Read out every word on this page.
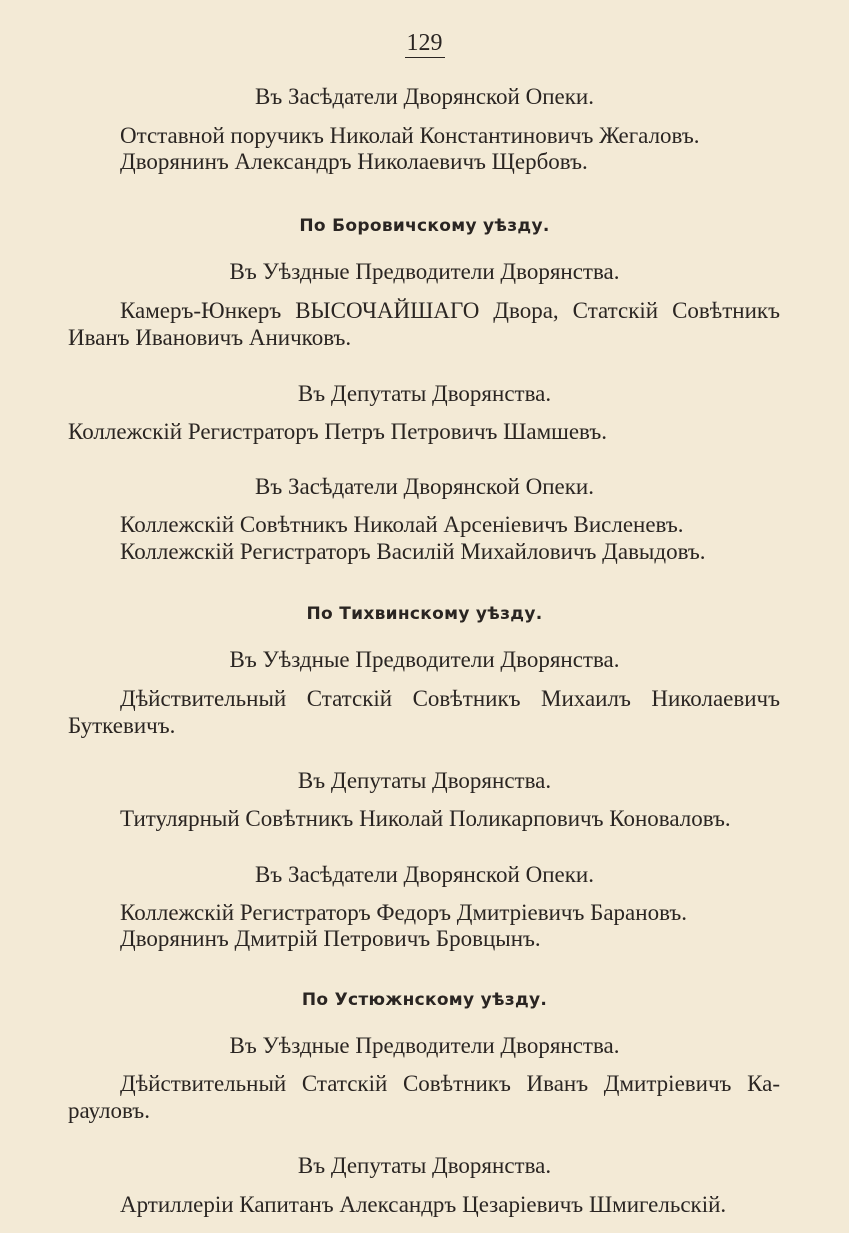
129

Въ Засѣдатели Дворянской Опеки.

Отставной поручикъ Николай Константиновичъ Жегаловъ.

Дворянинъ Александръ Николаевичъ Щербовъ.

По Боровичскому уѣзду.

Въ Уѣздные Предводители Дворянства.

Камеръ-Юнкеръ ВЫСОЧАЙШАГО Двора, Статскій Совѣтникъ

Иванъ Ивановичъ Аничковъ.

Въ Депутаты Дворянства.

Коллежскій Регистраторъ Петръ Петровичъ Шамшевъ.

Въ Засѣдатели Дворянской Опеки.

Коллежскій Совѣтникъ Николай Арсеніевичъ Висленевъ.

Коллежскій Регистраторъ Василій Михайловичъ Давыдовъ.

По Тихвинскому уѣзду.

Въ Уѣздные Предводители Дворянства.

Дѣйствительный Статскій Совѣтникъ Михаилъ Николаевичъ

Буткевичъ.

Въ Депутаты Дворянства.

Титулярный Совѣтникъ Николай Поликарповичъ Коноваловъ.

Въ Засѣдатели Дворянской Опеки.

Коллежскій Регистраторъ Федоръ Дмитріевичъ Барановъ.

Дворянинъ Дмитрій Петровичъ Бровцынъ.

По Устюжнскому уѣзду.

Въ Уѣздные Предводители Дворянства.

Дѣйствительный Статскій Совѣтникъ Иванъ Дмитріевичъ Ка-

pауловъ.

Въ Депутаты Дворянства.

Артиллеріи Капитанъ Александръ Цезаріевичъ Шмигельскій.
